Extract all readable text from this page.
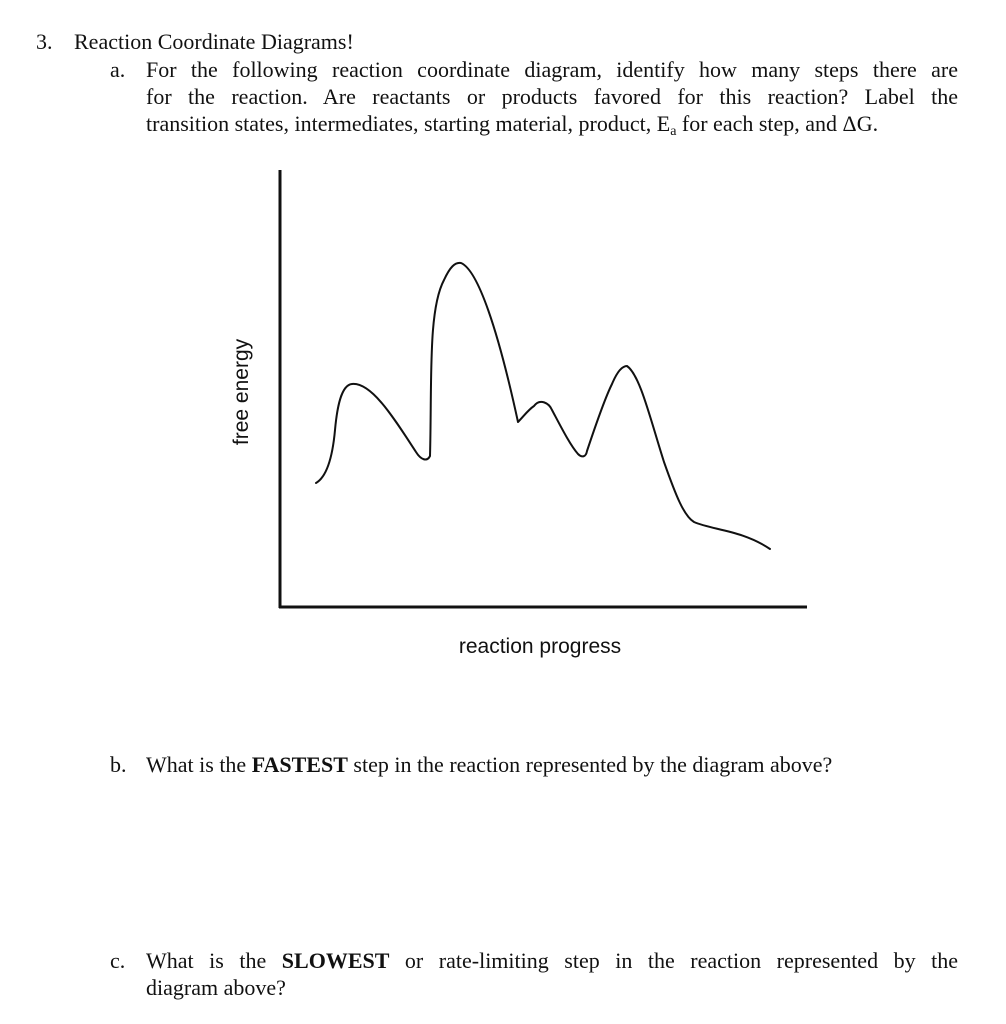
3. Reaction Coordinate Diagrams!
a. For the following reaction coordinate diagram, identify how many steps there are
for the reaction. Are reactants or products favored for this reaction? Label the
transition states, intermediates, starting material, product, $E_a$ for each step, and ΔG.
reaction progress
free energy
b. What is the FASTEST step in the reaction represented by the diagram above?
c. What is the SLOWEST or rate-limiting step in the reaction represented by the
diagram above?
